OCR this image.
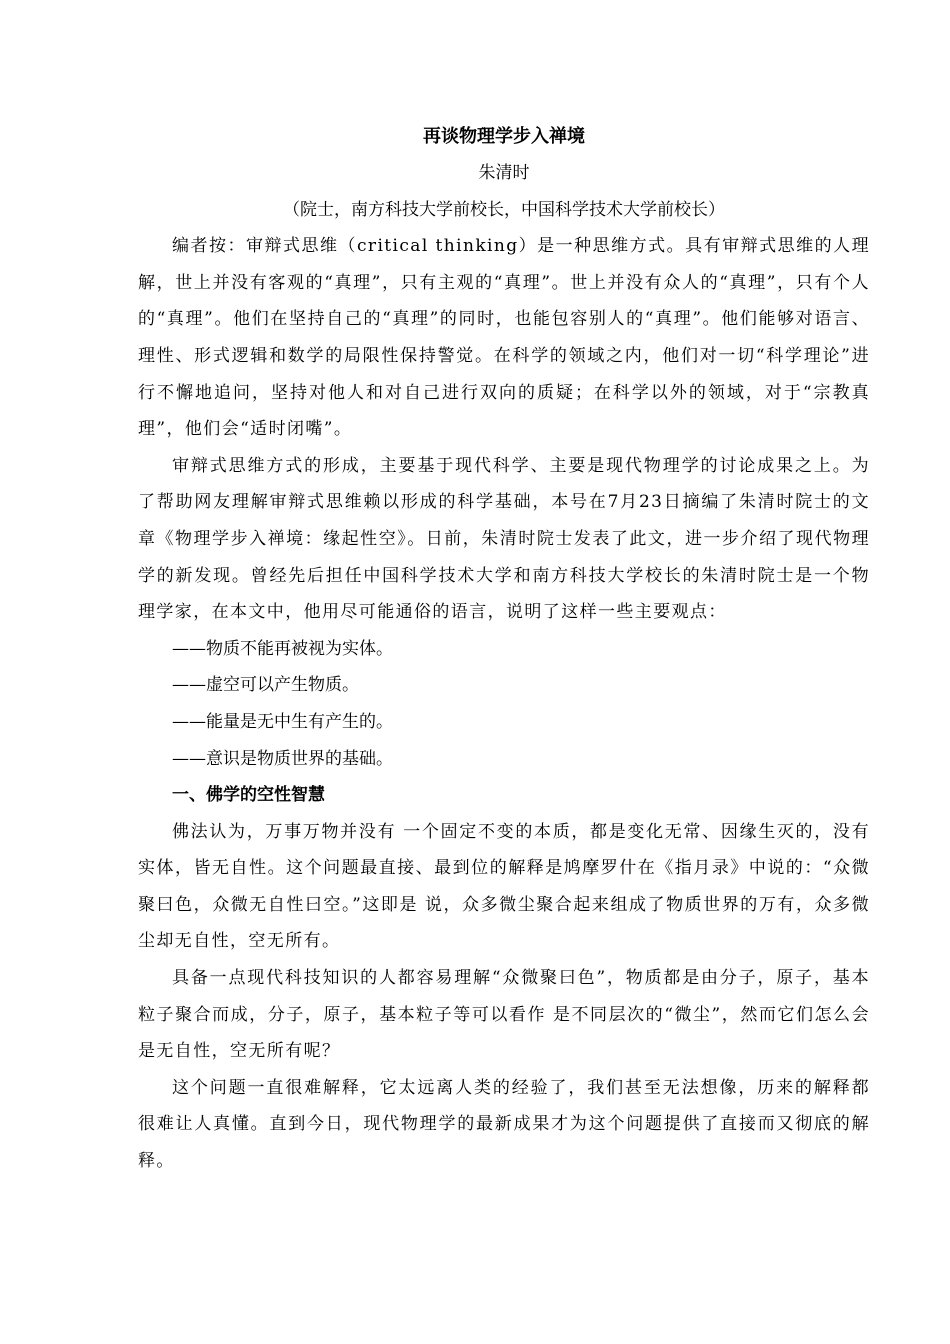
再谈物理学步入禅境

朱清时

（院士，南方科技大学前校长，中国科学技术大学前校长）

编者按：审辩式思维（critical thinking）是一种思维方式。具有审辩式思维的人理解，世上并没有客观的“真理”，只有主观的“真理”。世上并没有众人的“真理”，只有个人的“真理”。他们在坚持自己的“真理”的同时，也能包容别人的“真理”。他们能够对语言、理性、形式逻辑和数学的局限性保持警觉。在科学的领域之内，他们对一切“科学理论”进行不懈地追问，坚持对他人和对自己进行双向的质疑；在科学以外的领域，对于“宗教真理”，他们会“适时闭嘴”。

审辩式思维方式的形成，主要基于现代科学、主要是现代物理学的讨论成果之上。为了帮助网友理解审辩式思维赖以形成的科学基础，本号在7月23日摘编了朱清时院士的文章《物理学步入禅境：缘起性空》。日前，朱清时院士发表了此文，进一步介绍了现代物理学的新发现。曾经先后担任中国科学技术大学和南方科技大学校长的朱清时院士是一个物理学家，在本文中，他用尽可能通俗的语言，说明了这样一些主要观点：

——物质不能再被视为实体。

——虚空可以产生物质。

——能量是无中生有产生的。

——意识是物质世界的基础。

一、佛学的空性智慧

佛法认为，万事万物并没有 一个固定不变的本质，都是变化无常、因缘生灭的，没有实体，皆无自性。这个问题最直接、最到位的解释是鸠摩罗什在《指月录》中说的：“众微聚曰色，众微无自性曰空。”这即是 说，众多微尘聚合起来组成了物质世界的万有，众多微尘却无自性，空无所有。

具备一点现代科技知识的人都容易理解“众微聚曰色”，物质都是由分子，原子，基本粒子聚合而成，分子，原子，基本粒子等可以看作 是不同层次的“微尘”，然而它们怎么会是无自性，空无所有呢？

这个问题一直很难解释，它太远离人类的经验了，我们甚至无法想像，历来的解释都很难让人真懂。直到今日，现代物理学的最新成果才为这个问题提供了直接而又彻底的解释。
